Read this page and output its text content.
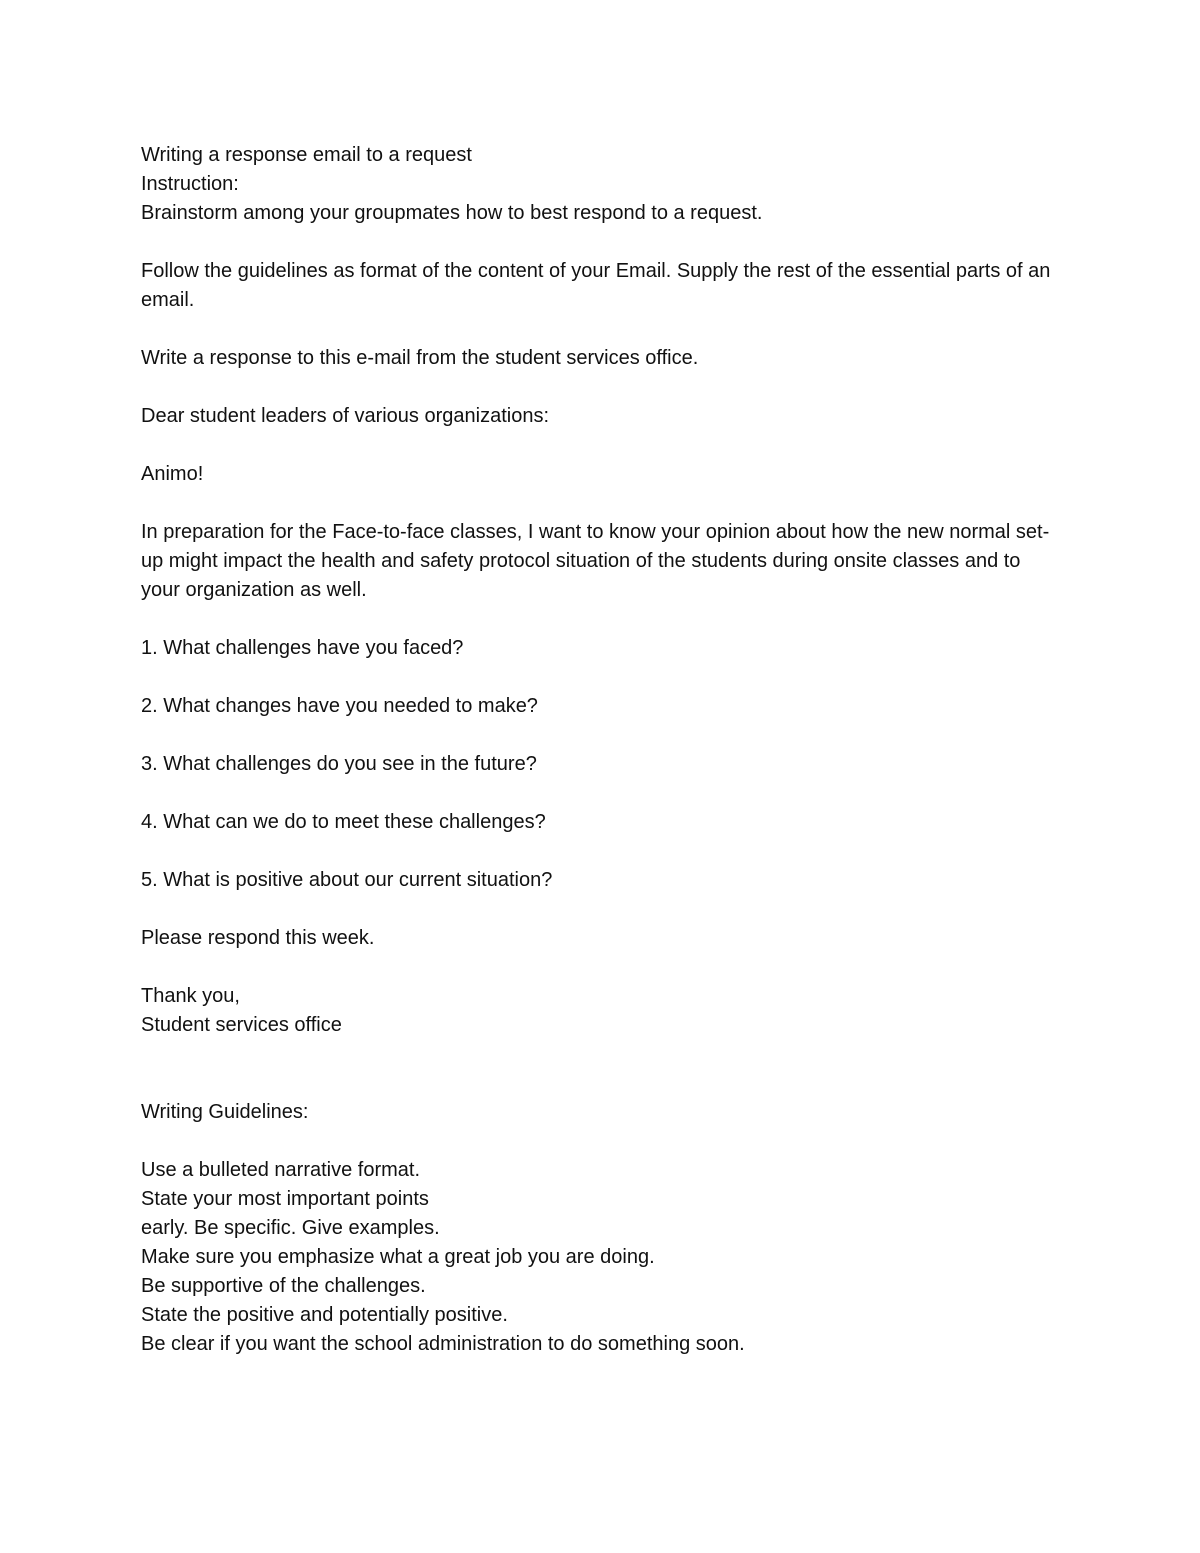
Writing a response email to a request
Instruction:
Brainstorm among your groupmates how to best respond to a request.
Follow the guidelines as format of the content of your Email. Supply the rest of the essential parts of an email.
Write a response to this e-mail from the student services office.
Dear student leaders of various organizations:
Animo!
In preparation for the Face-to-face classes, I want to know your opinion about how the new normal set-up might impact the health and safety protocol situation of the students during onsite classes and to your organization as well.
1. What challenges have you faced?
2. What changes have you needed to make?
3. What challenges do you see in the future?
4. What can we do to meet these challenges?
5. What is positive about our current situation?
Please respond this week.
Thank you,
Student services office
Writing Guidelines:
Use a bulleted narrative format.
State your most important points
early. Be specific. Give examples.
Make sure you emphasize what a great job you are doing.
Be supportive of the challenges.
State the positive and potentially positive.
Be clear if you want the school administration to do something soon.
